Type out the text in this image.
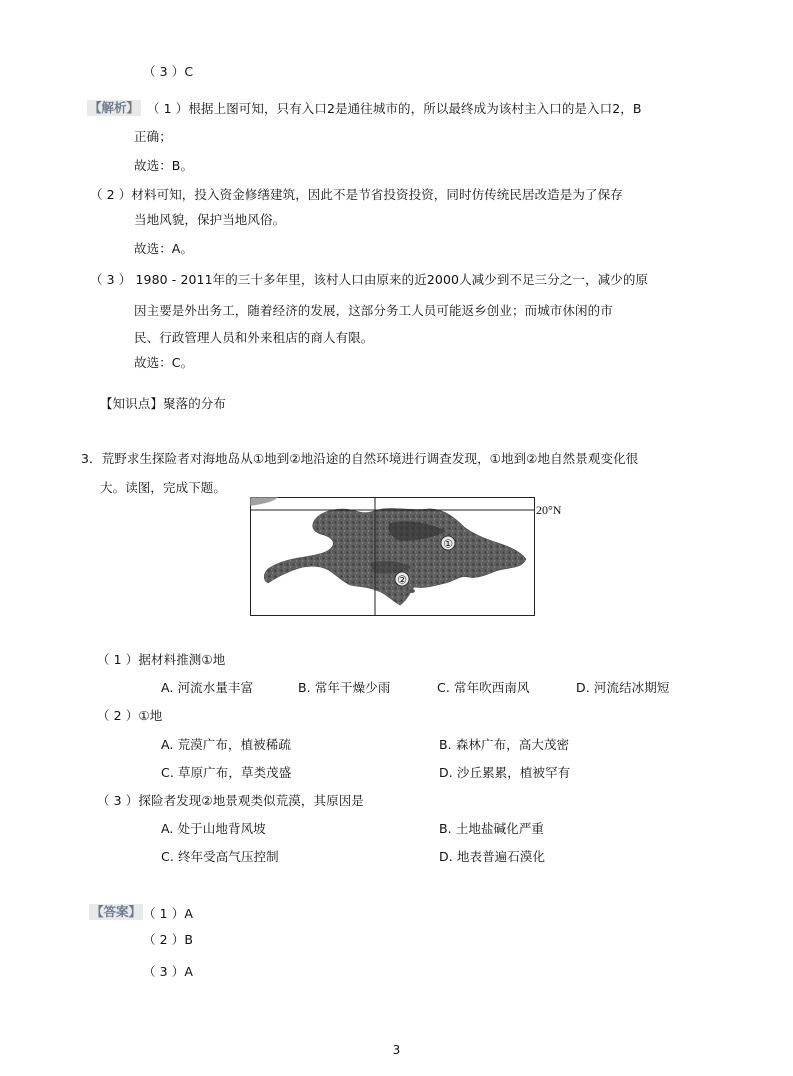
（ 3 ）C
【解析】 （ 1 ）根据上图可知，只有入口2是通往城市的，所以最终成为该村主入口的是入口2，B
正确；
故选：B。
（ 2 ）材料可知，投入资金修缮建筑，因此不是节省投资投资，同时仿传统民居改造是为了保存
当地风貌，保护当地风俗。
故选：A。
（ 3 ） 1980 - 2011年的三十多年里，该村人口由原来的近2000人减少到不足三分之一，减少的原
因主要是外出务工，随着经济的发展，这部分务工人员可能返乡创业；而城市休闲的市
民、行政管理人员和外来租店的商人有限。
故选：C。
【知识点】聚落的分布
3．荒野求生探险者对海地岛从①地到②地沿途的自然环境进行调查发现，①地到②地自然景观变化很
大。读图，完成下题。
①
②
20°N
（ 1 ）据材料推测①地
A. 河流水量丰富	B. 常年干燥少雨	C. 常年吹西南风	D. 河流结冰期短
（ 2 ）①地
A. 荒漠广布，植被稀疏	B. 森林广布，高大茂密
C. 草原广布，草类茂盛	D. 沙丘累累，植被罕有
（ 3 ）探险者发现②地景观类似荒漠，其原因是
A. 处于山地背风坡	B. 土地盐碱化严重
C. 终年受高气压控制	D. 地表普遍石漠化
【答案】 （ 1 ）A
（ 2 ）B
（ 3 ）A
3
